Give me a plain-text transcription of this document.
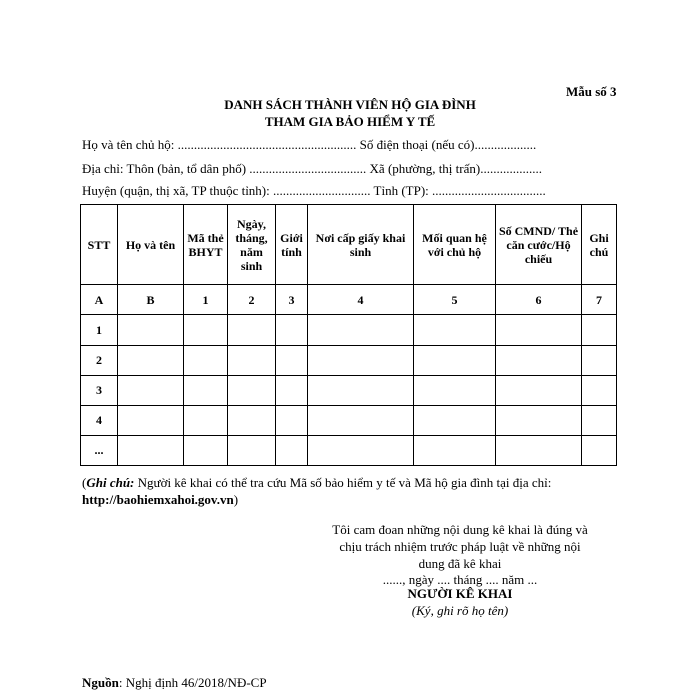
Mẫu số 3
DANH SÁCH THÀNH VIÊN HỘ GIA ĐÌNH
THAM GIA BẢO HIỂM Y TẾ
Họ và tên chủ hộ: ....................................................... Số điện thoại (nếu có)...................
Địa chỉ: Thôn (bản, tổ dân phố) .................................... Xã (phường, thị trấn)...................
Huyện (quận, thị xã, TP thuộc tỉnh): .............................. Tỉnh (TP): ...................................
STT	Họ và tên	Mã thẻ BHYT	Ngày, tháng, năm sinh	Giới tính	Nơi cấp giấy khai sinh	Mối quan hệ với chủ hộ	Số CMND/ Thẻ căn cước/Hộ chiếu	Ghi chú
A	B	1	2	3	4	5	6	7
1								
2								
3								
4								
...								
(Ghi chú: Người kê khai có thể tra cứu Mã số bảo hiểm y tế và Mã hộ gia đình tại địa chỉ: http://baohiemxahoi.gov.vn)
Tôi cam đoan những nội dung kê khai là đúng và chịu trách nhiệm trước pháp luật về những nội dung đã kê khai
......, ngày .... tháng .... năm ...
NGƯỜI KÊ KHAI
(Ký, ghi rõ họ tên)
Nguồn: Nghị định 46/2018/NĐ-CP
